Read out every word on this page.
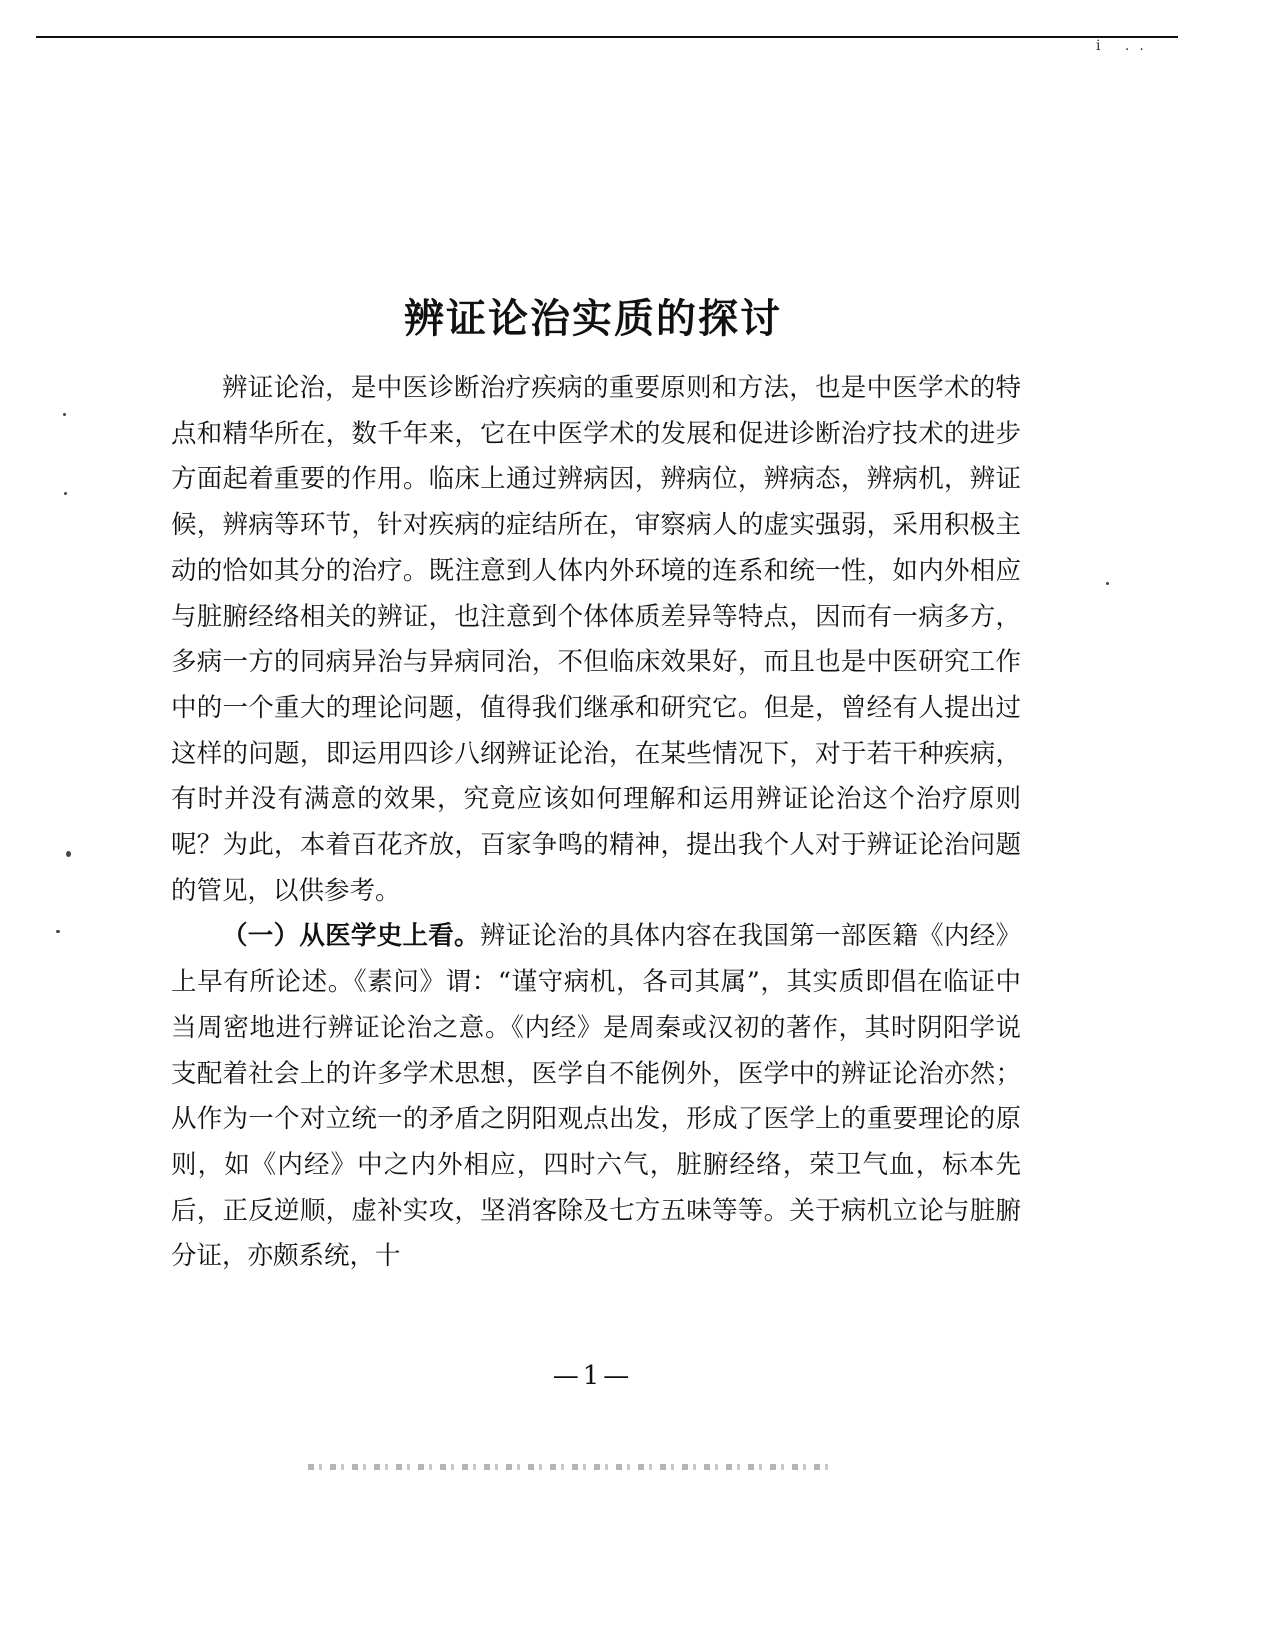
i ..
辨证论治实质的探讨

辨证论治，是中医诊断治疗疾病的重要原则和方法，也是中医学术的特点和精华所在，数千年来，它在中医学术的发展和促进诊断治疗技术的进步方面起着重要的作用。临床上通过辨病因，辨病位，辨病态，辨病机，辨证候，辨病等环节，针对疾病的症结所在，审察病人的虚实强弱，采用积极主动的恰如其分的治疗。既注意到人体内外环境的连系和统一性，如内外相应与脏腑经络相关的辨证，也注意到个体体质差异等特点，因而有一病多方，多病一方的同病异治与异病同治，不但临床效果好，而且也是中医研究工作中的一个重大的理论问题，值得我们继承和研究它。但是，曾经有人提出过这样的问题，即运用四诊八纲辨证论治，在某些情况下，对于若干种疾病，有时并没有满意的效果，究竟应该如何理解和运用辨证论治这个治疗原则呢？为此，本着百花齐放，百家争鸣的精神，提出我个人对于辨证论治问题的管见，以供参考。

（一）从医学史上看。辨证论治的具体内容在我国第一部医籍《内经》上早有所论述。《素问》谓：“谨守病机，各司其属”，其实质即倡在临证中当周密地进行辨证论治之意。《内经》是周秦或汉初的著作，其时阴阳学说支配着社会上的许多学术思想，医学自不能例外，医学中的辨证论治亦然；从作为一个对立统一的矛盾之阴阳观点出发，形成了医学上的重要理论的原则，如《内经》中之内外相应，四时六气，脏腑经络，荣卫气血，标本先后，正反逆顺，虚补实攻，坚消客除及七方五味等等。关于病机立论与脏腑分证，亦颇系统，十

—1—
